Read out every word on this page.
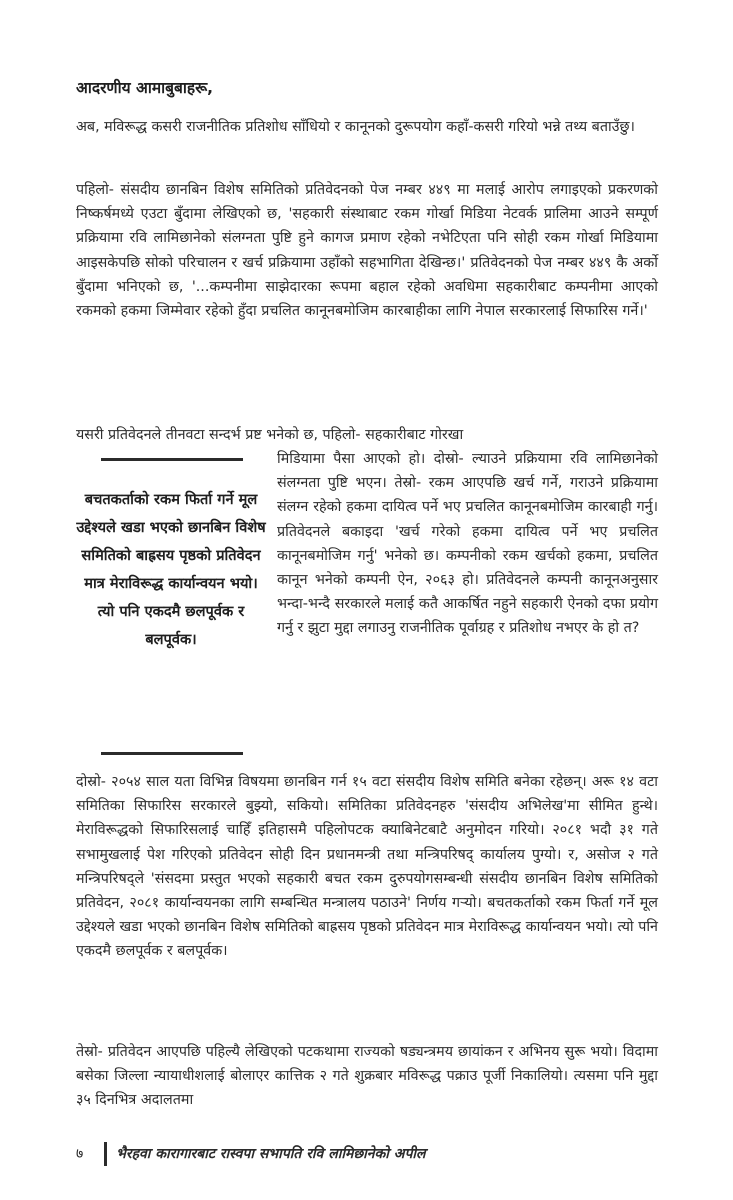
आदरणीय आमाबुबाहरू,

अब, मविरूद्ध कसरी राजनीतिक प्रतिशोध साँधियो र कानूनको दुरूपयोग कहाँ-कसरी गरियो भन्ने तथ्य बताउँछु।

पहिलो- संसदीय छानबिन विशेष समितिको प्रतिवेदनको पेज नम्बर ४४९ मा मलाई आरोप लगाइएको प्रकरणको निष्कर्षमध्ये एउटा बुँदामा लेखिएको छ, 'सहकारी संस्थाबाट रकम गोर्खा मिडिया नेटवर्क प्रालिमा आउने सम्पूर्ण प्रक्रियामा रवि लामिछानेको संलग्नता पुष्टि हुने कागज प्रमाण रहेको नभेटिएता पनि सोही रकम गोर्खा मिडियामा आइसकेपछि सोको परिचालन र खर्च प्रक्रियामा उहाँको सहभागिता देखिन्छ।' प्रतिवेदनको पेज नम्बर ४४९ कै अर्को बुँदामा भनिएको छ, '...कम्पनीमा साझेदारका रूपमा बहाल रहेको अवधिमा सहकारीबाट कम्पनीमा आएको रकमको हकमा जिम्मेवार रहेको हुँदा प्रचलित कानूनबमोजिम कारबाहीका लागि नेपाल सरकारलाई सिफारिस गर्ने।'

यसरी प्रतिवेदनले तीनवटा सन्दर्भ प्रष्ट भनेको छ, पहिलो- सहकारीबाट गोरखा

बचतकर्ताको रकम फिर्ता गर्ने मूल उद्देश्यले खडा भएको छानबिन विशेष समितिको बाह्रसय पृष्ठको प्रतिवेदन मात्र मेराविरूद्ध कार्यान्वयन भयो। त्यो पनि एकदमै छलपूर्वक र बलपूर्वक।

मिडियामा पैसा आएको हो। दोस्रो- ल्याउने प्रक्रियामा रवि लामिछानेको संलग्नता पुष्टि भएन। तेस्रो- रकम आएपछि खर्च गर्ने, गराउने प्रक्रियामा संलग्न रहेको हकमा दायित्व पर्ने भए प्रचलित कानूनबमोजिम कारबाही गर्नु। प्रतिवेदनले बकाइदा 'खर्च गरेको हकमा दायित्व पर्ने भए प्रचलित कानूनबमोजिम गर्नु' भनेको छ। कम्पनीको रकम खर्चको हकमा, प्रचलित कानून भनेको कम्पनी ऐन, २०६३ हो। प्रतिवेदनले कम्पनी कानूनअनुसार भन्दा-भन्दै सरकारले मलाई कतै आकर्षित नहुने सहकारी ऐनको दफा प्रयोग गर्नु र झुटा मुद्दा लगाउनु राजनीतिक पूर्वाग्रह र प्रतिशोध नभएर के हो त?

दोस्रो- २०५४ साल यता विभिन्न विषयमा छानबिन गर्न १५ वटा संसदीय विशेष समिति बनेका रहेछन्। अरू १४ वटा समितिका सिफारिस सरकारले बुझ्यो, सकियो। समितिका प्रतिवेदनहरु 'संसदीय अभिलेख'मा सीमित हुन्थे। मेराविरूद्धको सिफारिसलाई चाहिँ इतिहासमै पहिलोपटक क्याबिनेटबाटै अनुमोदन गरियो। २०८१ भदौ ३१ गते सभामुखलाई पेश गरिएको प्रतिवेदन सोही दिन प्रधानमन्त्री तथा मन्त्रिपरिषद् कार्यालय पुग्यो। र, असोज २ गते मन्त्रिपरिषद्ले 'संसदमा प्रस्तुत भएको सहकारी बचत रकम दुरुपयोगसम्बन्धी संसदीय छानबिन विशेष समितिको प्रतिवेदन, २०८१ कार्यान्वयनका लागि सम्बन्धित मन्त्रालय पठाउने' निर्णय गऱ्यो। बचतकर्ताको रकम फिर्ता गर्ने मूल उद्देश्यले खडा भएको छानबिन विशेष समितिको बाह्रसय पृष्ठको प्रतिवेदन मात्र मेराविरूद्ध कार्यान्वयन भयो। त्यो पनि एकदमै छलपूर्वक र बलपूर्वक।

तेस्रो- प्रतिवेदन आएपछि पहिल्यै लेखिएको पटकथामा राज्यको षड्यन्त्रमय छायांकन र अभिनय सुरू भयो। विदामा बसेका जिल्ला न्यायाधीशलाई बोलाएर कात्तिक २ गते शुक्रबार मविरूद्ध पक्राउ पूर्जी निकालियो। त्यसमा पनि मुद्दा ३५ दिनभित्र अदालतमा

७ भैरहवा कारागारबाट रास्वपा सभापति रवि लामिछानेको अपील
